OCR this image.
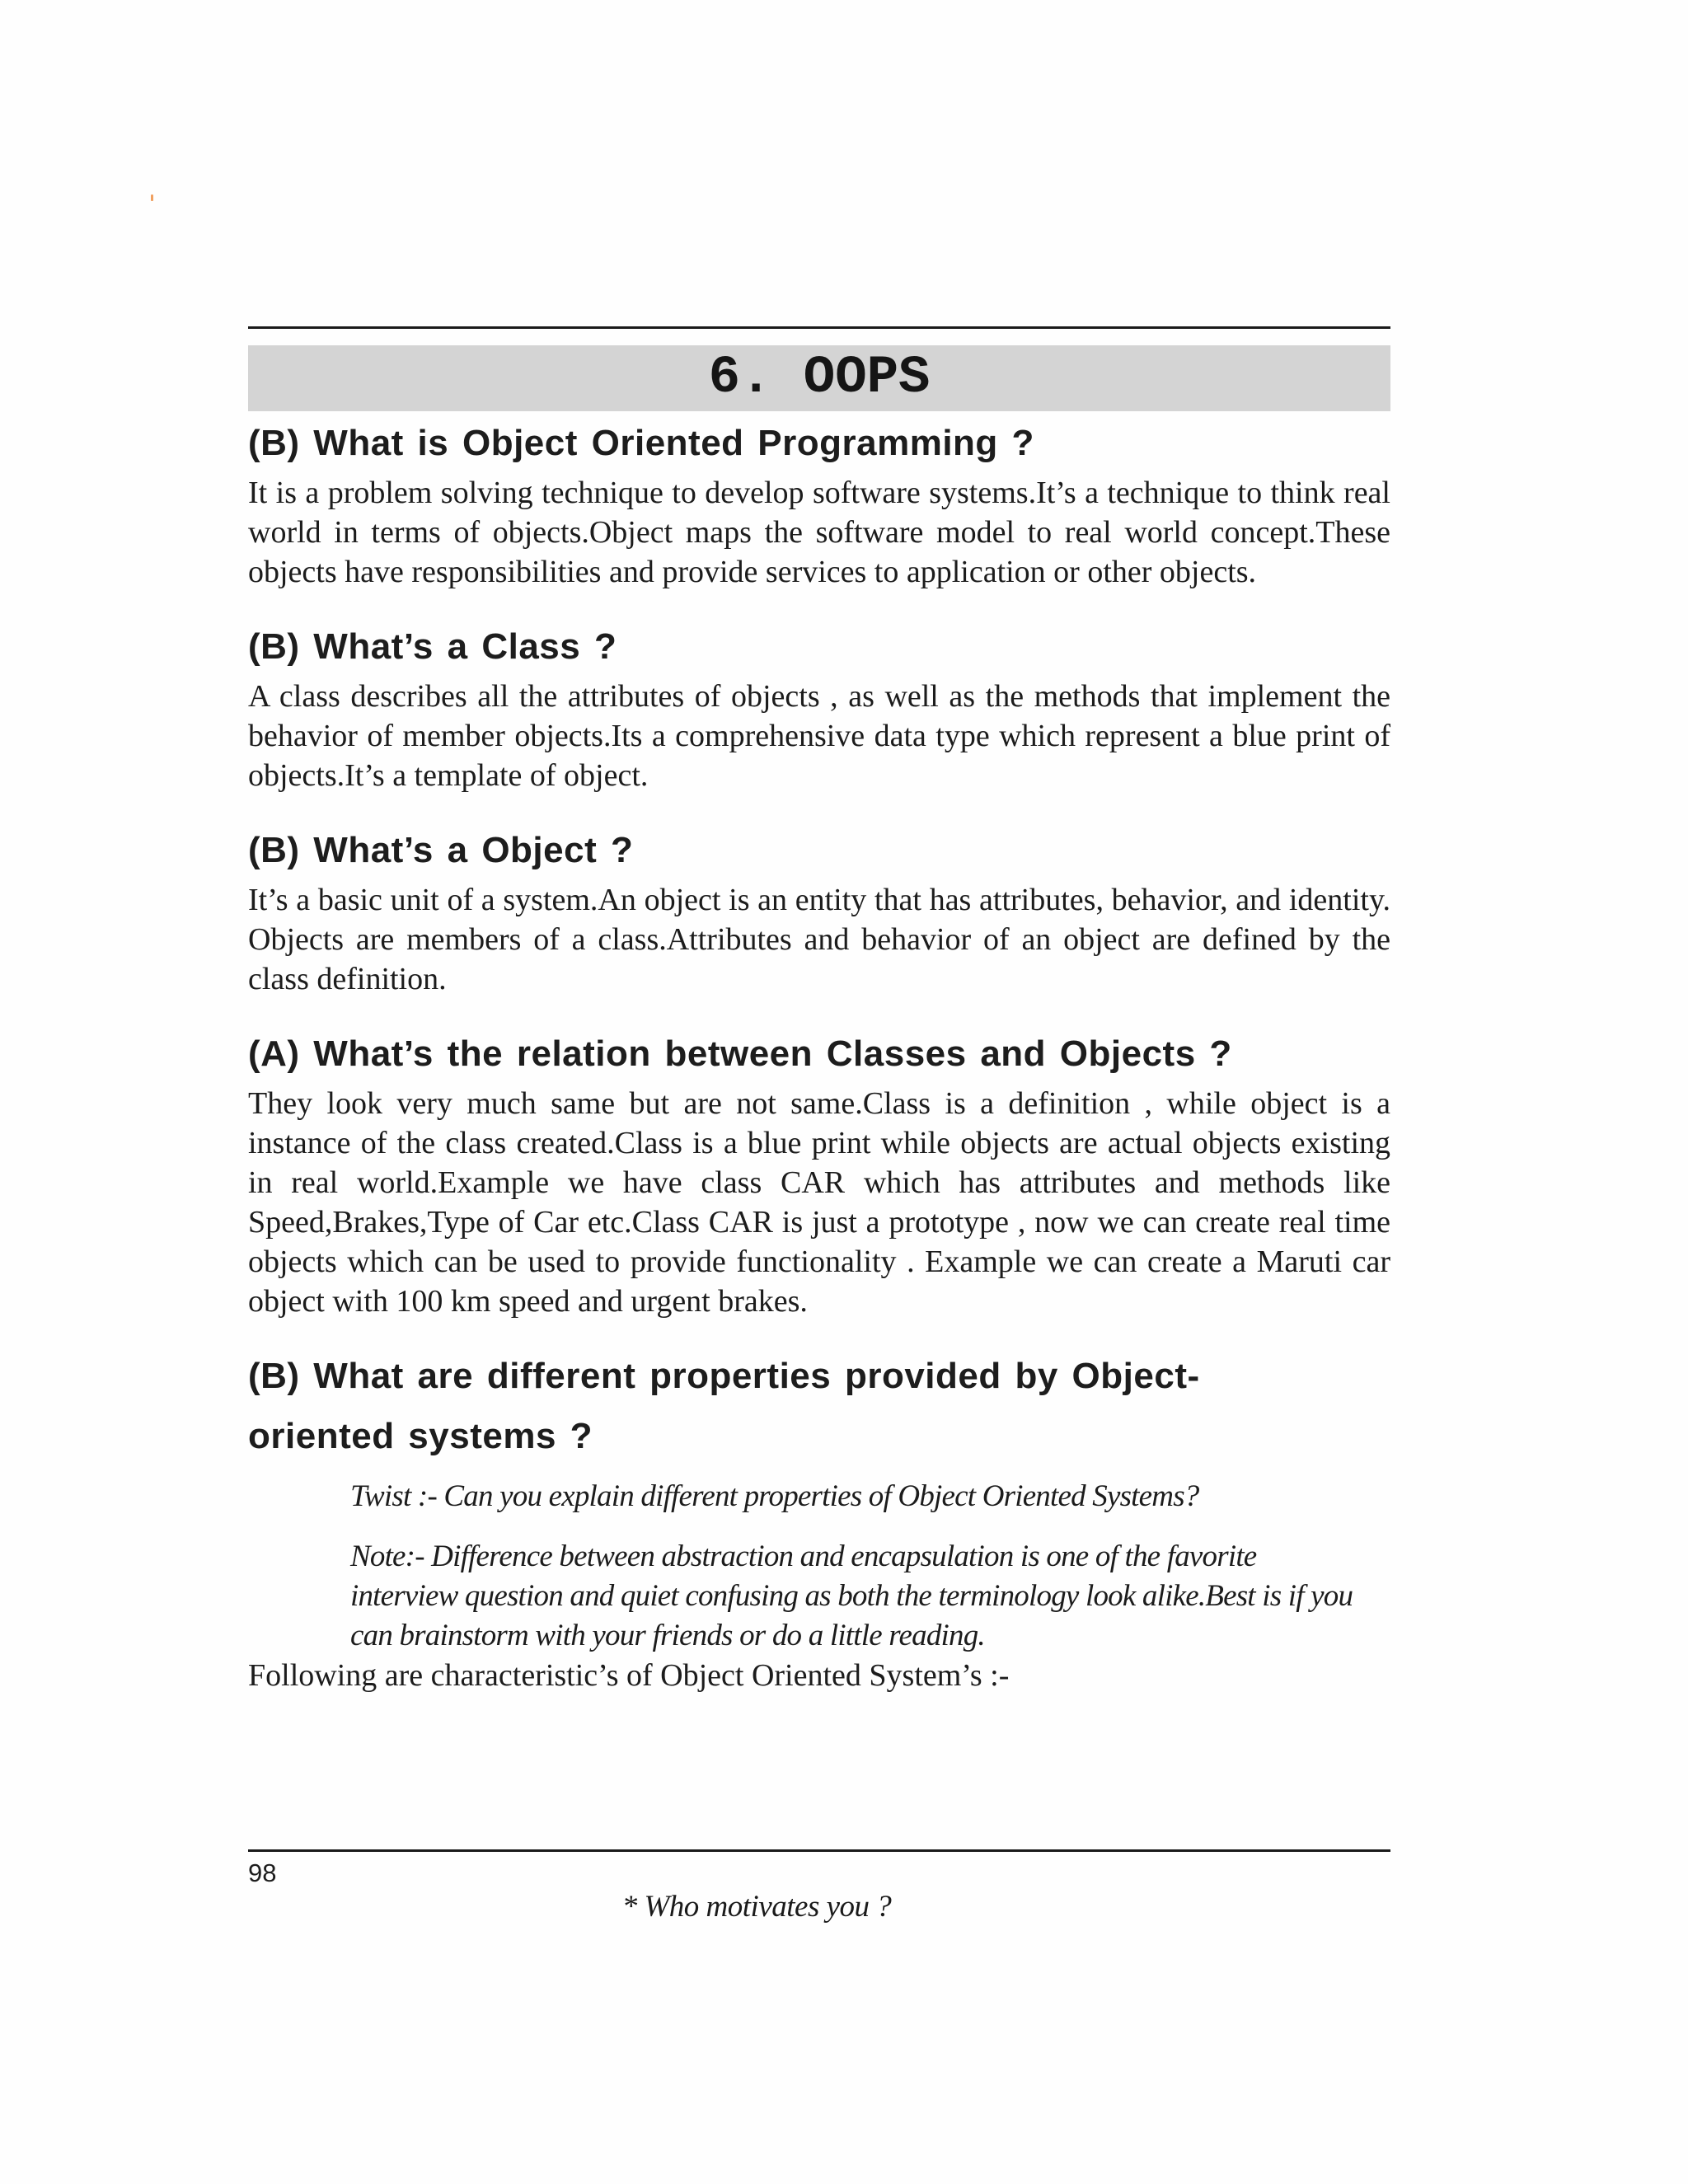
6. OOPS
(B) What is Object Oriented Programming ?

It is a problem solving technique to develop software systems.It’s a technique to think real world in terms of objects.Object maps the software model to real world concept.These objects have responsibilities and provide services to application or other objects.

(B) What’s a Class ?

A class describes all the attributes of objects , as well as the methods that implement the behavior of member objects.Its a comprehensive data type which represent a blue print of objects.It’s a template of object.

(B) What’s a Object ?

It’s a basic unit of a system.An object is an entity that has attributes, behavior, and identity. Objects are members of a class.Attributes and behavior of an object are defined by the class definition.

(A) What’s the relation between Classes and Objects ?

They look very much same but are not same.Class is a definition , while object is a instance of the class created.Class is a blue print while objects are actual objects existing in real world.Example we have class CAR which has attributes and methods like Speed,Brakes,Type of Car etc.Class CAR is just a prototype , now we can create real time objects which can be used to provide functionality . Example we can create a Maruti car object with 100 km speed and urgent brakes.

(B) What are different properties provided by Object-
oriented systems ?

Twist :- Can you explain different properties of Object Oriented Systems?

Note:- Difference between abstraction and encapsulation is one of the favorite interview question and quiet confusing as both the terminology look alike.Best is if you can brainstorm with your friends or do a little reading.

Following are characteristic’s of Object Oriented System’s :-

98
* Who motivates you ?
